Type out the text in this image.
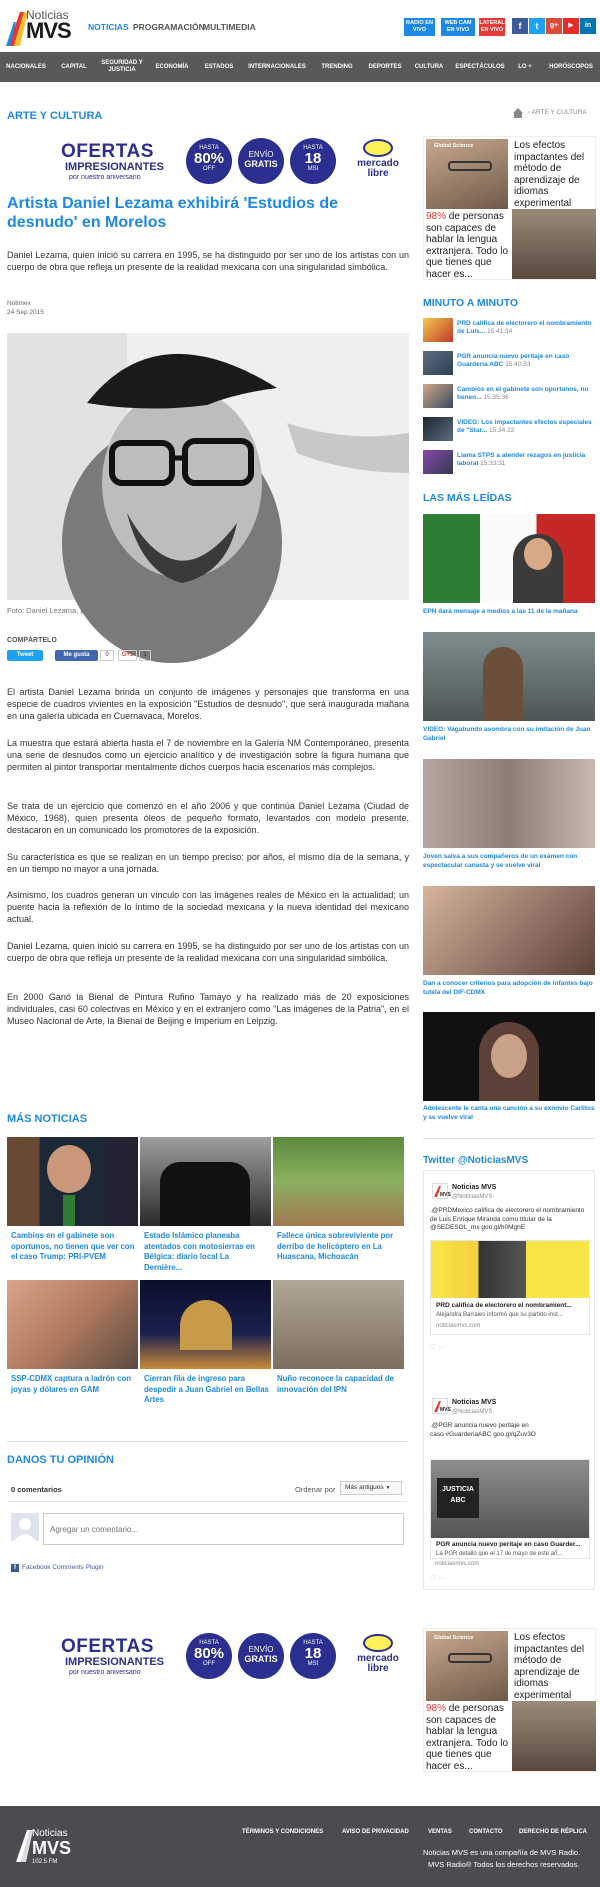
Noticias
MVS NOTICIAS PROGRAMACIÓN
MULTIMEDIA	RADIO EN
VIVO
WEB CAM
EN VIVO
LATERAL
EN VIVO	f	t	g+	▶	in
NACIONALES	CAPITAL
SEGURIDAD Y JUSTICIA
ECONOMÍA	ESTADOS	INTERNACIONALES	TRENDING	DEPORTES	CULTURA	ESPECTÁCULOS	LO +	HORÓSCOPOS
ARTE Y CULTURA	› ARTE Y CULTURA
OFERTAS
IMPRESIONANTES
por nuestro aniversario
HASTA
80%
OFF
ENVÍO
GRATIS
HASTA
18
MSI	mercado
libre
Global Science	Los efectos impactantes del método de aprendizaje de idiomas experimental
98% de personas son capaces de hablar la lengua extranjera. Todo lo que tienes que hacer es...
Artista Daniel Lezama exhibirá 'Estudios de desnudo' en Morelos
Daniel Lezama, quien inició su carrera en 1995, se ha distinguido por ser uno de los artistas con un cuerpo de obra que refleja un presente de la realidad mexicana con una singularidad simbólica.
Notimex
24 Sep 2015
Foto: Daniel Lezama, pintor
COMPÁRTELO
Tweet	Me gusta	0	G+1	1
El artista Daniel Lezama brinda un conjunto de imágenes y personajes que transforma en una especie de cuadros vivientes en la exposición "Estudios de desnudo", que será inaugurada mañana en una galería ubicada en Cuernavaca, Morelos.
La muestra que estará abierta hasta el 7 de noviembre en la Galería NM Contemporáneo, presenta una serie de desnudos como un ejercicio analítico y de investigación sobre la figura humana que permiten al pintor transportar mentalmente dichos cuerpos hacia escenarios más complejos.
Se trata de un ejercicio que comenzó en el año 2006 y que continúa Daniel Lezama (Ciudad de México, 1968), quien presenta óleos de pequeño formato, levantados con modelo presente, destacaron en un comunicado los promotores de la exposición.
Su característica es que se realizan en un tiempo preciso: por años, el mismo día de la semana, y en un tiempo no mayor a una jornada.
Asimismo, los cuadros generan un vínculo con las imágenes reales de México en la actualidad; un puente hacia la reflexión de lo íntimo de la sociedad mexicana y la nueva identidad del mexicano actual.
Daniel Lezama, quien inició su carrera en 1995, se ha distinguido por ser uno de los artistas con un cuerpo de obra que refleja un presente de la realidad mexicana con una singularidad simbólica.
En 2000 Ganó la Bienal de Pintura Rufino Tamayo y ha realizado más de 20 exposiciones individuales, casi 60 colectivas en México y en el extranjero como "Las imágenes de la Patria", en el Museo Nacional de Arte, la Bienal de Beijing e Imperium en Leipzig.
MINUTO A MINUTO
PRD califica de electorero el nombramiento de Luis... 15:41:34
PGR anuncia nuevo peritaje en caso Guardería ABC 15:40:53
Cambios en el gabinete son oportunos, no tienen... 15:35:36
VIDEO: Los impactantes efectos especiales de "Star... 15:34:22
Llama STPS a atender rezagos en justicia laboral 15:33:31
LAS MÁS LEÍDAS
EPN dará mensaje a medios a las 11 de la mañana
VIDEO: Vagabundo asombra con su imitación de Juan Gabriel
Joven salva a sus compañeros de un examen con espectacular canasta y se vuelve viral
Dan a conocer criterios para adopción de infantes bajo tutela del DIF-CDMX
Adolescente le canta una canción a su exnovio Carlitos y se vuelve viral
Twitter @NoticiasMVS
MVS
Noticias MVS
@NoticiasMVS
.@PRDMexico califica de electorero el nombramiento de Luis Enrique Miranda como titular de la @SEDESOL_mx goo.gl/h0MghE
PRD califica de electorero el nombramient...
Alejandra Barrales informó que su partido inst...
noticiasmvs.com
♡ ⋯
MVS
Noticias MVS
@NoticiasMVS
.@PGR anuncia nuevo peritaje en caso #GuarderiaABC goo.gl/qZuv3O
JUSTICIA ABC
PGR anuncia nuevo peritaje en caso Guarder...
La PGR detalló que el 17 de mayo de este añ...
noticiasmvs.com
♡ ⋯
MÁS NOTICIAS
Cambios en el gabinete son oportunos, no tienen que ver con el caso Trump: PRI-PVEM
Estado Islámico planeaba atentados con motosierras en Bélgica: diario local La Dernière...
Fallece única sobreviviente por derribo de helicóptero en La Huascana, Michoacán
SSP-CDMX captura a ladrón con joyas y dólares en GAM
Cierran fila de ingreso para despedir a Juan Gabriel en Bellas Artes
Nuño reconoce la capacidad de innovación del IPN
DANOS TU OPINIÓN
0 comentarios	Ordenar por	Más antiguos ▼
Agregar un comentario...
f Facebook Comments Plugin
OFERTAS
IMPRESIONANTES
por nuestro aniversario
HASTA
80%
OFF
ENVÍO
GRATIS
HASTA
18
MSI	mercado
libre
Global Science	Los efectos impactantes del método de aprendizaje de idiomas experimental
98% de personas son capaces de hablar la lengua extranjera. Todo lo que tienes que hacer es...
Noticias
MVS
102.5 FM
TÉRMINOS Y CONDICIONES	AVISO DE PRIVACIDAD	VENTAS	CONTACTO	DERECHO DE RÉPLICA
Noticias MVS es una compañía de MVS Radio.
MVS Radio® Todos los derechos reservados.
